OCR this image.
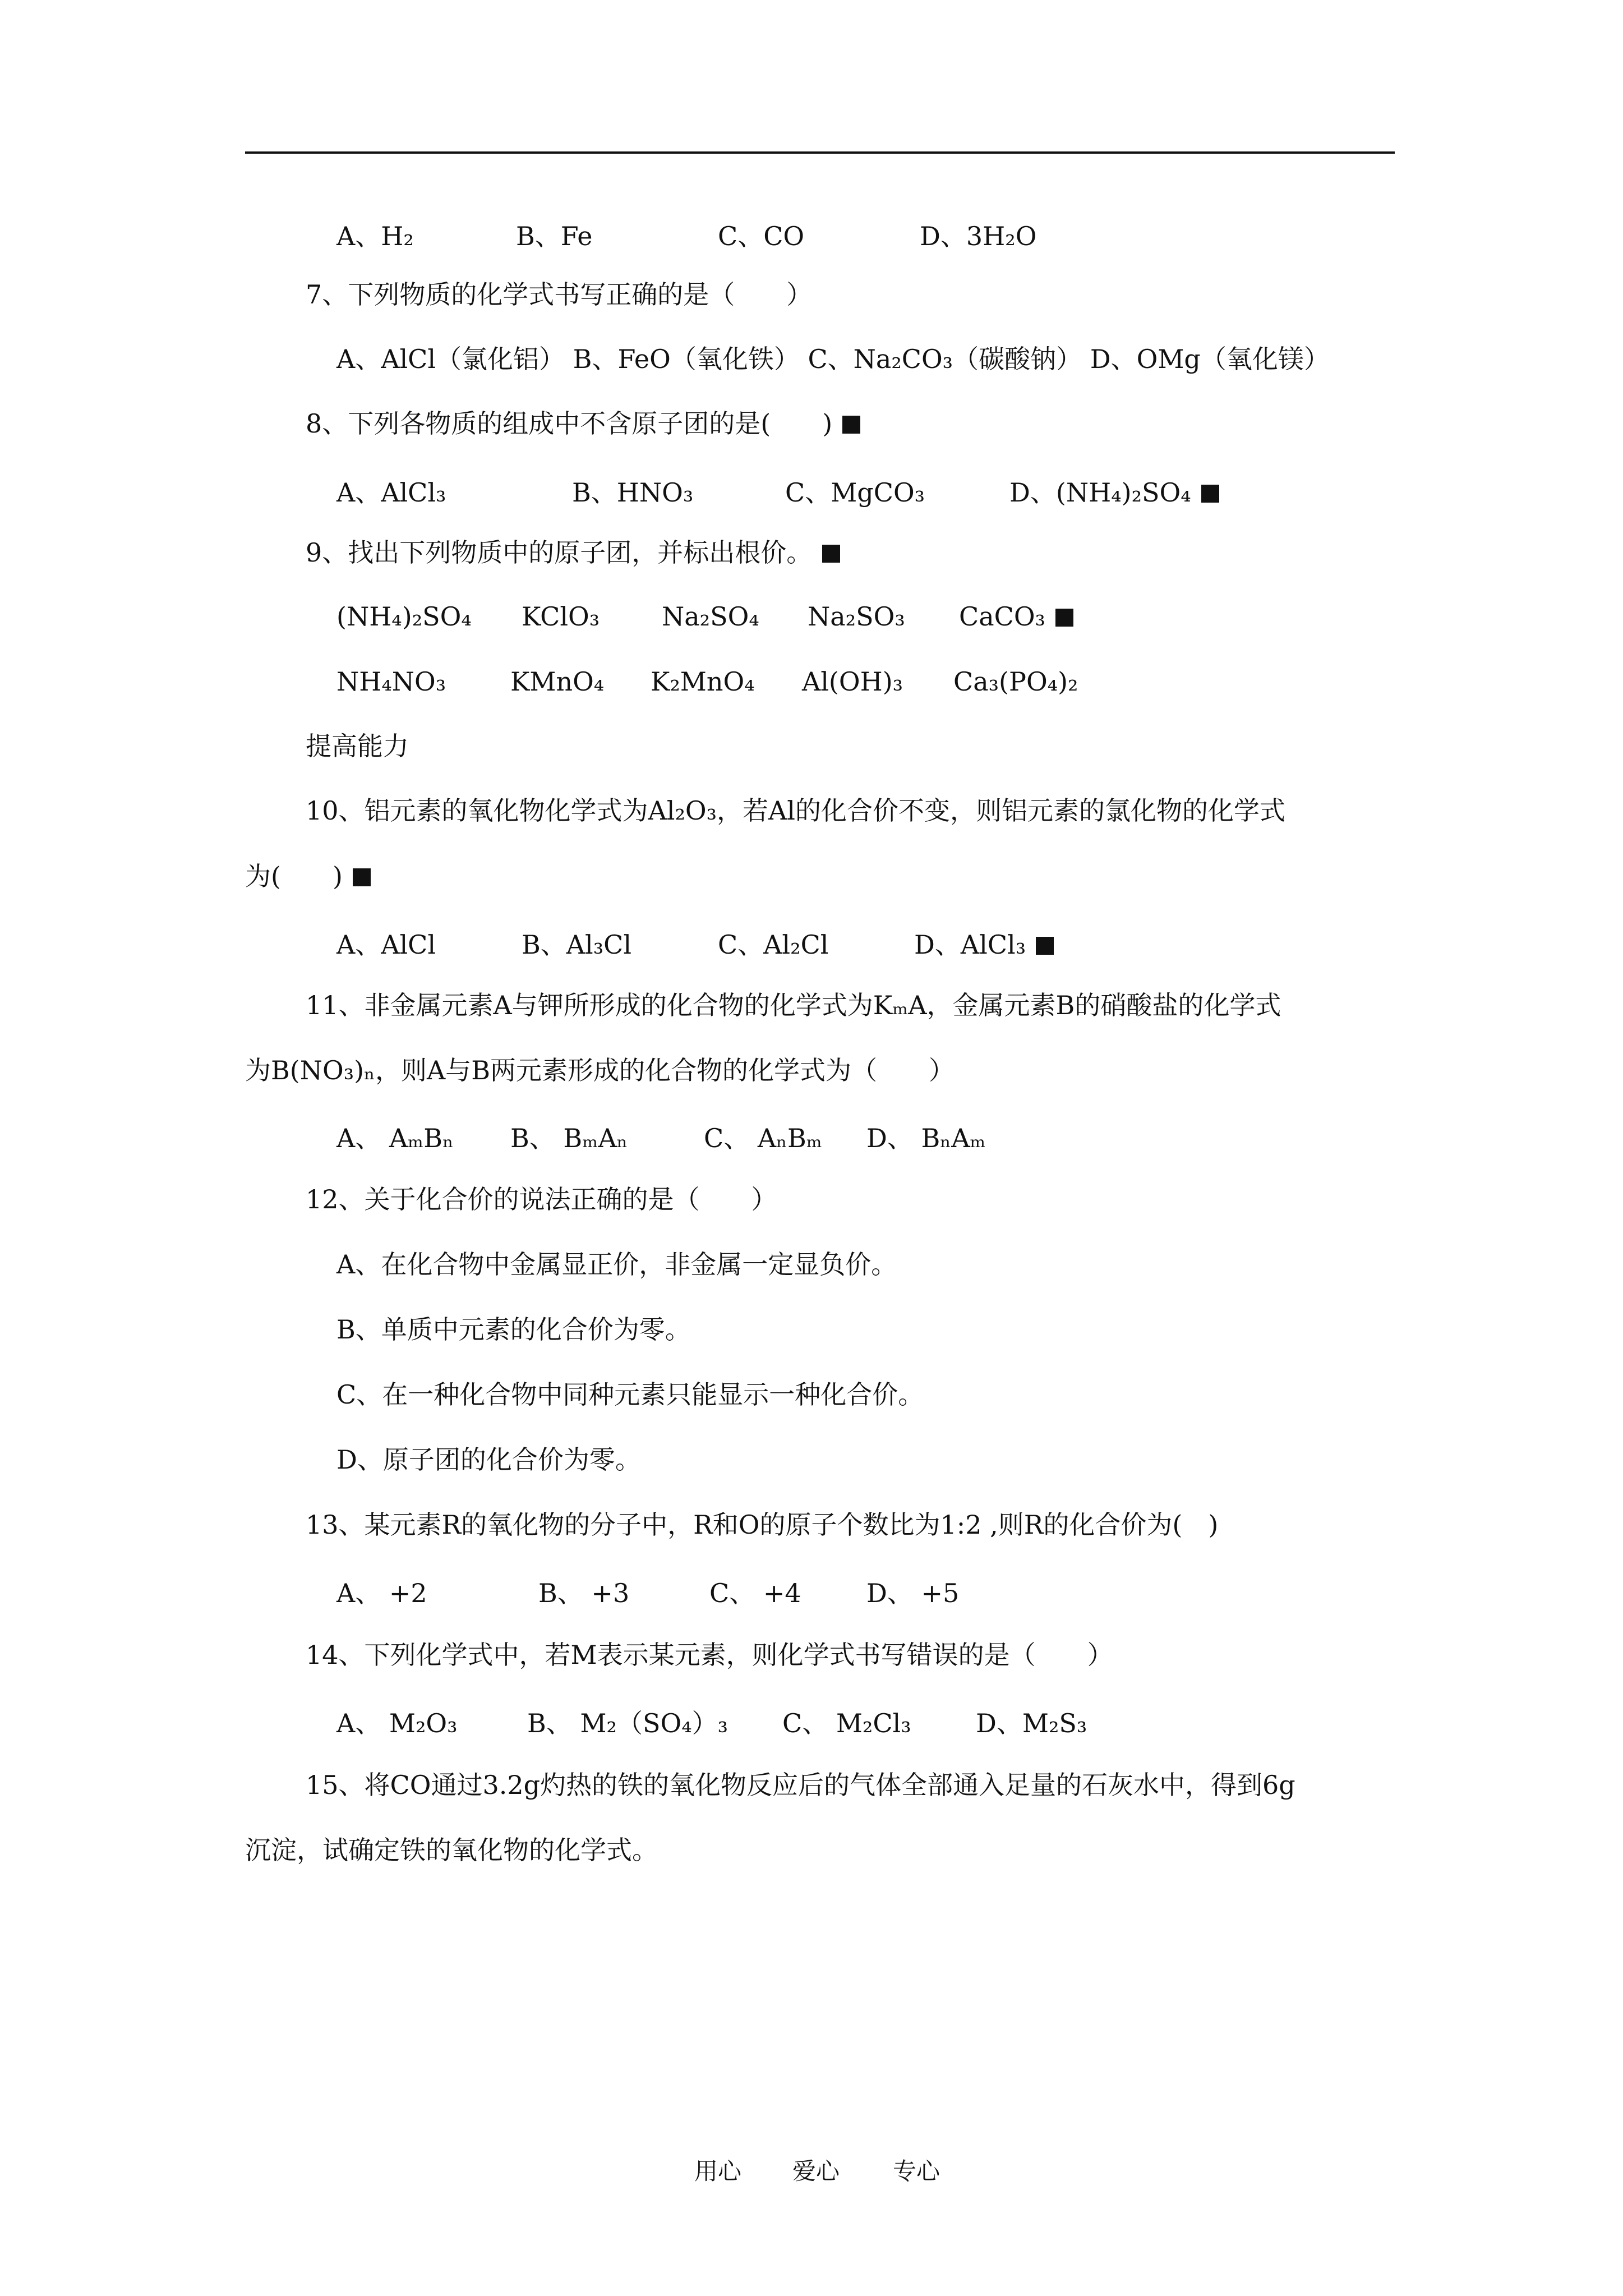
A、H₂	B、Fe	C、CO	D、3H₂O
7、下列物质的化学式书写正确的是（　　）
A、AlCl（氯化铝） B、FeO（氧化铁） C、Na₂CO₃（碳酸钠） D、OMg（氧化镁）
8、下列各物质的组成中不含原子团的是(　　)
A、AlCl₃	B、HNO₃	C、MgCO₃	D、(NH₄)₂SO₄
9、找出下列物质中的原子团，并标出根价。
(NH₄)₂SO₄ KClO₃ Na₂SO₄ Na₂SO₃ CaCO₃
NH₄NO₃ KMnO₄ K₂MnO₄ Al(OH)₃ Ca₃(PO₄)₂
提高能力
10、铝元素的氧化物化学式为Al₂O₃，若Al的化合价不变，则铝元素的氯化物的化学式
为(　　)
A、AlCl	B、Al₃Cl	C、Al₂Cl	D、AlCl₃
11、非金属元素A与钾所形成的化合物的化学式为KₘA，金属元素B的硝酸盐的化学式
为B(NO₃)ₙ，则A与B两元素形成的化合物的化学式为（　　）
A、 AₘBₙ B、 BₘAₙ	C、 AₙBₘ D、 BₙAₘ
12、关于化合价的说法正确的是（　　）
A、在化合物中金属显正价，非金属一定显负价。
B、单质中元素的化合价为零。
C、在一种化合物中同种元素只能显示一种化合价。
D、原子团的化合价为零。
13、某元素R的氧化物的分子中，R和O的原子个数比为1:2 ,则R的化合价为(　)
A、 +2	B、 +3	C、 +4	D、 +5
14、下列化学式中，若M表示某元素，则化学式书写错误的是（　　）
A、 M₂O₃	B、 M₂（SO₄）₃ C、 M₂Cl₃	D、M₂S₃
15、将CO通过3.2g灼热的铁的氧化物反应后的气体全部通入足量的石灰水中，得到6g
沉淀，试确定铁的氧化物的化学式。
用心 爱心 专心
